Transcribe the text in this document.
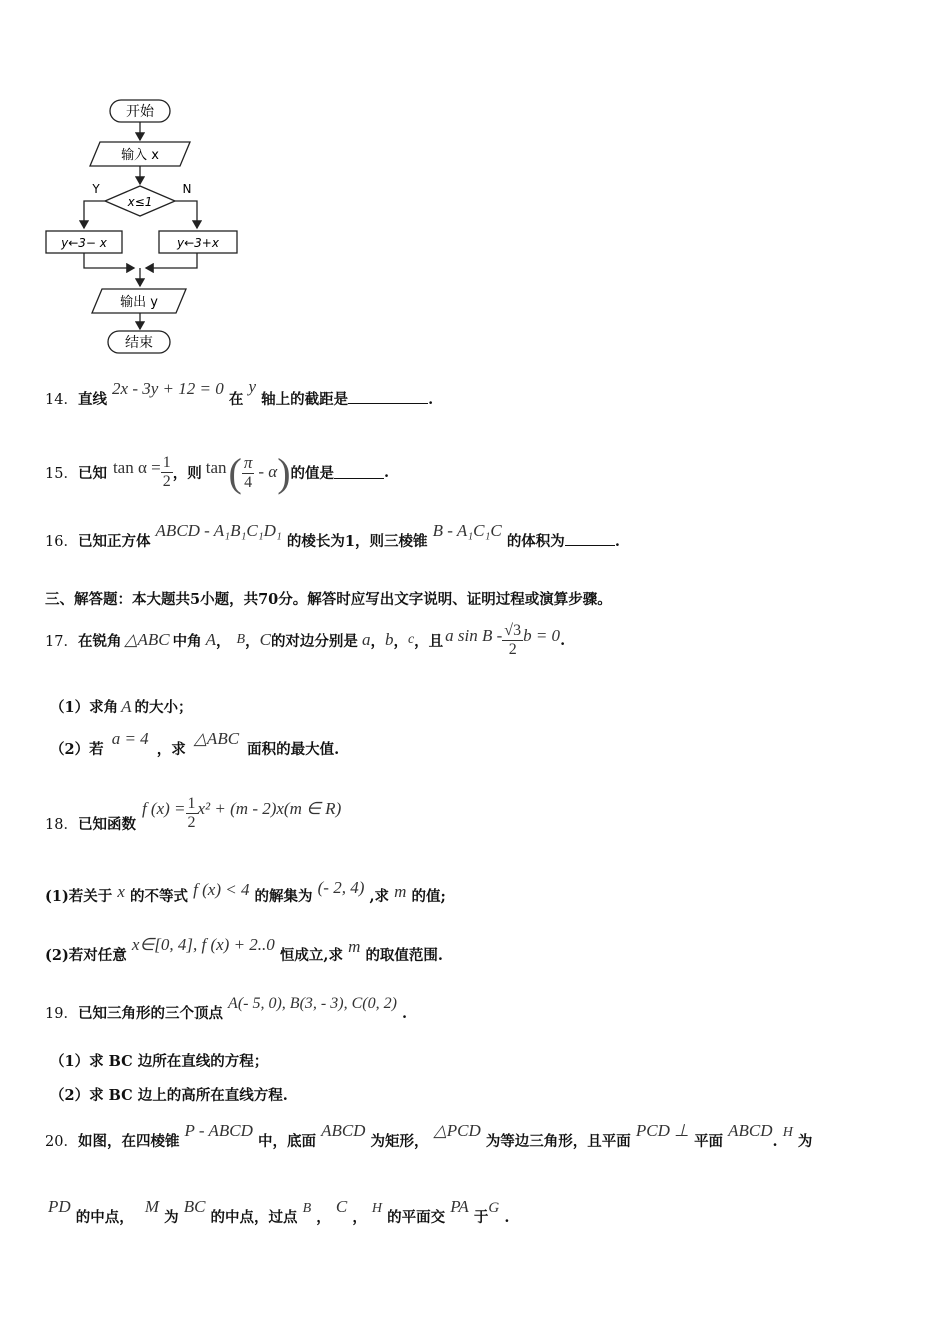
开始
输入 x
x≤1
Y	N
y←3− x	y←3+x
输出 y
结束
14．直线 2x - 3y + 12 = 0 在 y 轴上的截距是	.
15． 已知 $\tan \alpha = \frac{1}{2}$ ，则 tan ( $\frac{\pi}{4}$ - α ) 的值是	.
16．已知正方体 ABCD - A₁B₁C₁D₁ 的棱长为1，则三棱锥 B - A₁C₁C 的体积为	.
三、解答题：本大题共5小题，共70分。解答时应写出文字说明、证明过程或演算步骤。
17． 在锐角 △ABC 中角 A ， B ， C 的对边分别是 a ， b ， c ，且 a sin B - $\frac{√3}{2}$ b = 0 .
（1）求角 A 的大小；
（2）若 a = 4 ，求 △ABC 面积的最大值.
18． 已知函数
f $(x) = \frac{1}{2} x^2 + (m - 2)x(m$ ∈ R)
(1)若关于 x 的不等式 f (x) < 4 的解集为 (- 2, 4) ,求 m 的值;
(2)若对任意 x∈[0, 4], f (x) + 2..0 恒成立,求 m 的取值范围.
19．已知三角形的三个顶点 A(- 5, 0), B(3, - 3), C(0, 2) .
（1）求 BC 边所在直线的方程；
（2）求 BC 边上的高所在直线方程.
20．如图，在四棱锥 P - ABCD 中，底面 ABCD 为矩形， △PCD 为等边三角形，且平面 PCD ⊥ 平面 ABCD. H 为
PD 的中点， M 为 BC 的中点，过点 B ， C ， H 的平面交 PA 于G .
